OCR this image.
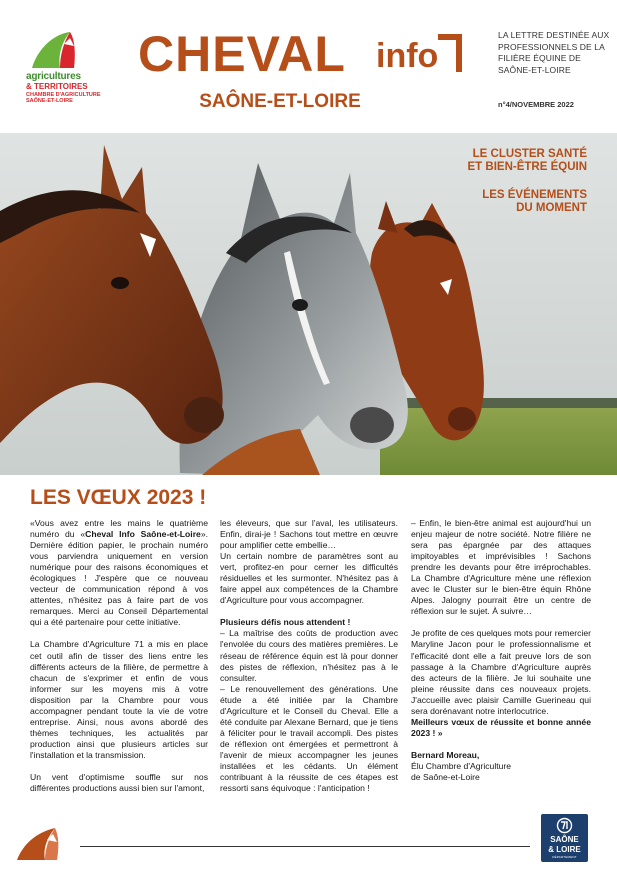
agricultures
& TERRITOIRES
CHAMBRE D'AGRICULTURE
SAÔNE-ET-LOIRE
CHEVAL info
SAÔNE-ET-LOIRE
LA LETTRE DESTINÉE AUX PROFESSIONNELS DE LA FILIÈRE ÉQUINE DE SAÔNE-ET-LOIRE
n°4/NOVEMBRE 2022
LE CLUSTER SANTÉ
ET BIEN-ÊTRE ÉQUIN
LES ÉVÉNEMENTS
DU MOMENT
LES VŒUX 2023 !

«Vous avez entre les mains le quatrième numéro du «Cheval Info Saône-et-Loire». Dernière édition papier, le prochain numéro vous parviendra uniquement en version numérique pour des raisons économiques et écologiques ! J'espère que ce nouveau vecteur de communication répond à vos attentes, n'hésitez pas à faire part de vos remarques. Merci au Conseil Départemental qui a été partenaire pour cette initiative.

La Chambre d'Agriculture 71 a mis en place cet outil afin de tisser des liens entre les différents acteurs de la filière, de permettre à chacun de s'exprimer et enfin de vous informer sur les moyens mis à votre disposition par la Chambre pour vous accompagner pendant toute la vie de votre entreprise. Ainsi, nous avons abordé des thèmes techniques, les actualités par production ainsi que plusieurs articles sur l'installation et la transmission.

Un vent d'optimisme souffle sur nos différentes productions aussi bien sur l'amont,

les éleveurs, que sur l'aval, les utilisateurs. Enfin, dirai-je ! Sachons tout mettre en œuvre pour amplifier cette embellie…

Un certain nombre de paramètres sont au vert, profitez-en pour cerner les difficultés résiduelles et les surmonter. N'hésitez pas à faire appel aux compétences de la Chambre d'Agriculture pour vous accompagner.

Plusieurs défis nous attendent !
– La maîtrise des coûts de production avec l'envolée du cours des matières premières. Le réseau de référence équin est là pour donner des pistes de réflexion, n'hésitez pas à le consulter.

– Le renouvellement des générations. Une étude a été initiée par la Chambre d'Agriculture et le Conseil du Cheval. Elle a été conduite par Alexane Bernard, que je tiens à féliciter pour le travail accompli. Des pistes de réflexion ont émergées et permettront à l'avenir de mieux accompagner les jeunes installées et les cédants. Un élément contribuant à la réussite de ces étapes est ressorti sans équivoque : l'anticipation !

– Enfin, le bien-être animal est aujourd'hui un enjeu majeur de notre société. Notre filière ne sera pas épargnée par des attaques impitoyables et imprévisibles ! Sachons prendre les devants pour être irréprochables. La Chambre d'Agriculture mène une réflexion avec le Cluster sur le bien-être équin Rhône Alpes. Jalogny pourrait être un centre de réflexion sur le sujet. À suivre…

Je profite de ces quelques mots pour remercier Maryline Jacon pour le professionnalisme et l'efficacité dont elle a fait preuve lors de son passage à la Chambre d'Agriculture auprès des acteurs de la filière. Je lui souhaite une pleine réussite dans ces nouveaux projets. J'accueille avec plaisir Camille Guerineau qui sera dorénavant notre interlocutrice.

Meilleurs vœux de réussite et bonne année 2023 ! »

Bernard Moreau,
Élu Chambre d'Agriculture
de Saône-et-Loire

SAÔNE
& LOIRE
DÉPARTEMENT
